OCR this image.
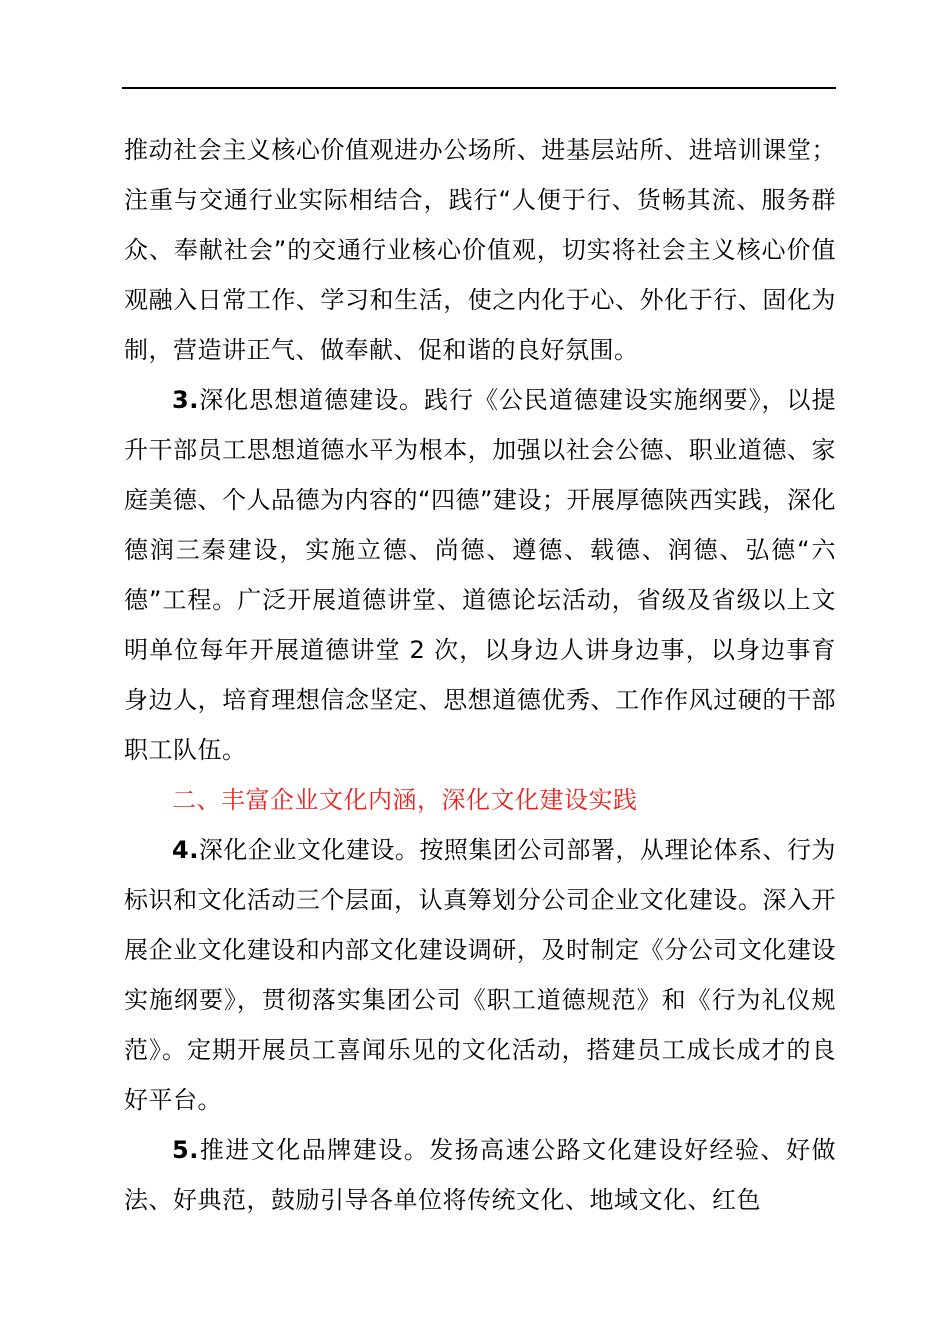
推动社会主义核心价值观进办公场所、进基层站所、进培训课堂；注重与交通行业实际相结合，践行“人便于行、货畅其流、服务群众、奉献社会”的交通行业核心价值观，切实将社会主义核心价值观融入日常工作、学习和生活，使之内化于心、外化于行、固化为制，营造讲正气、做奉献、促和谐的良好氛围。

3.深化思想道德建设。践行《公民道德建设实施纲要》，以提升干部员工思想道德水平为根本，加强以社会公德、职业道德、家庭美德、个人品德为内容的“四德”建设；开展厚德陕西实践，深化德润三秦建设，实施立德、尚德、遵德、载德、润德、弘德“六德”工程。广泛开展道德讲堂、道德论坛活动，省级及省级以上文明单位每年开展道德讲堂 2 次，以身边人讲身边事，以身边事育身边人，培育理想信念坚定、思想道德优秀、工作作风过硬的干部职工队伍。

二、丰富企业文化内涵，深化文化建设实践

4.深化企业文化建设。按照集团公司部署，从理论体系、行为标识和文化活动三个层面，认真筹划分公司企业文化建设。深入开展企业文化建设和内部文化建设调研，及时制定《分公司文化建设实施纲要》，贯彻落实集团公司《职工道德规范》和《行为礼仪规范》。定期开展员工喜闻乐见的文化活动，搭建员工成长成才的良好平台。

5.推进文化品牌建设。发扬高速公路文化建设好经验、好做法、好典范，鼓励引导各单位将传统文化、地域文化、红色
